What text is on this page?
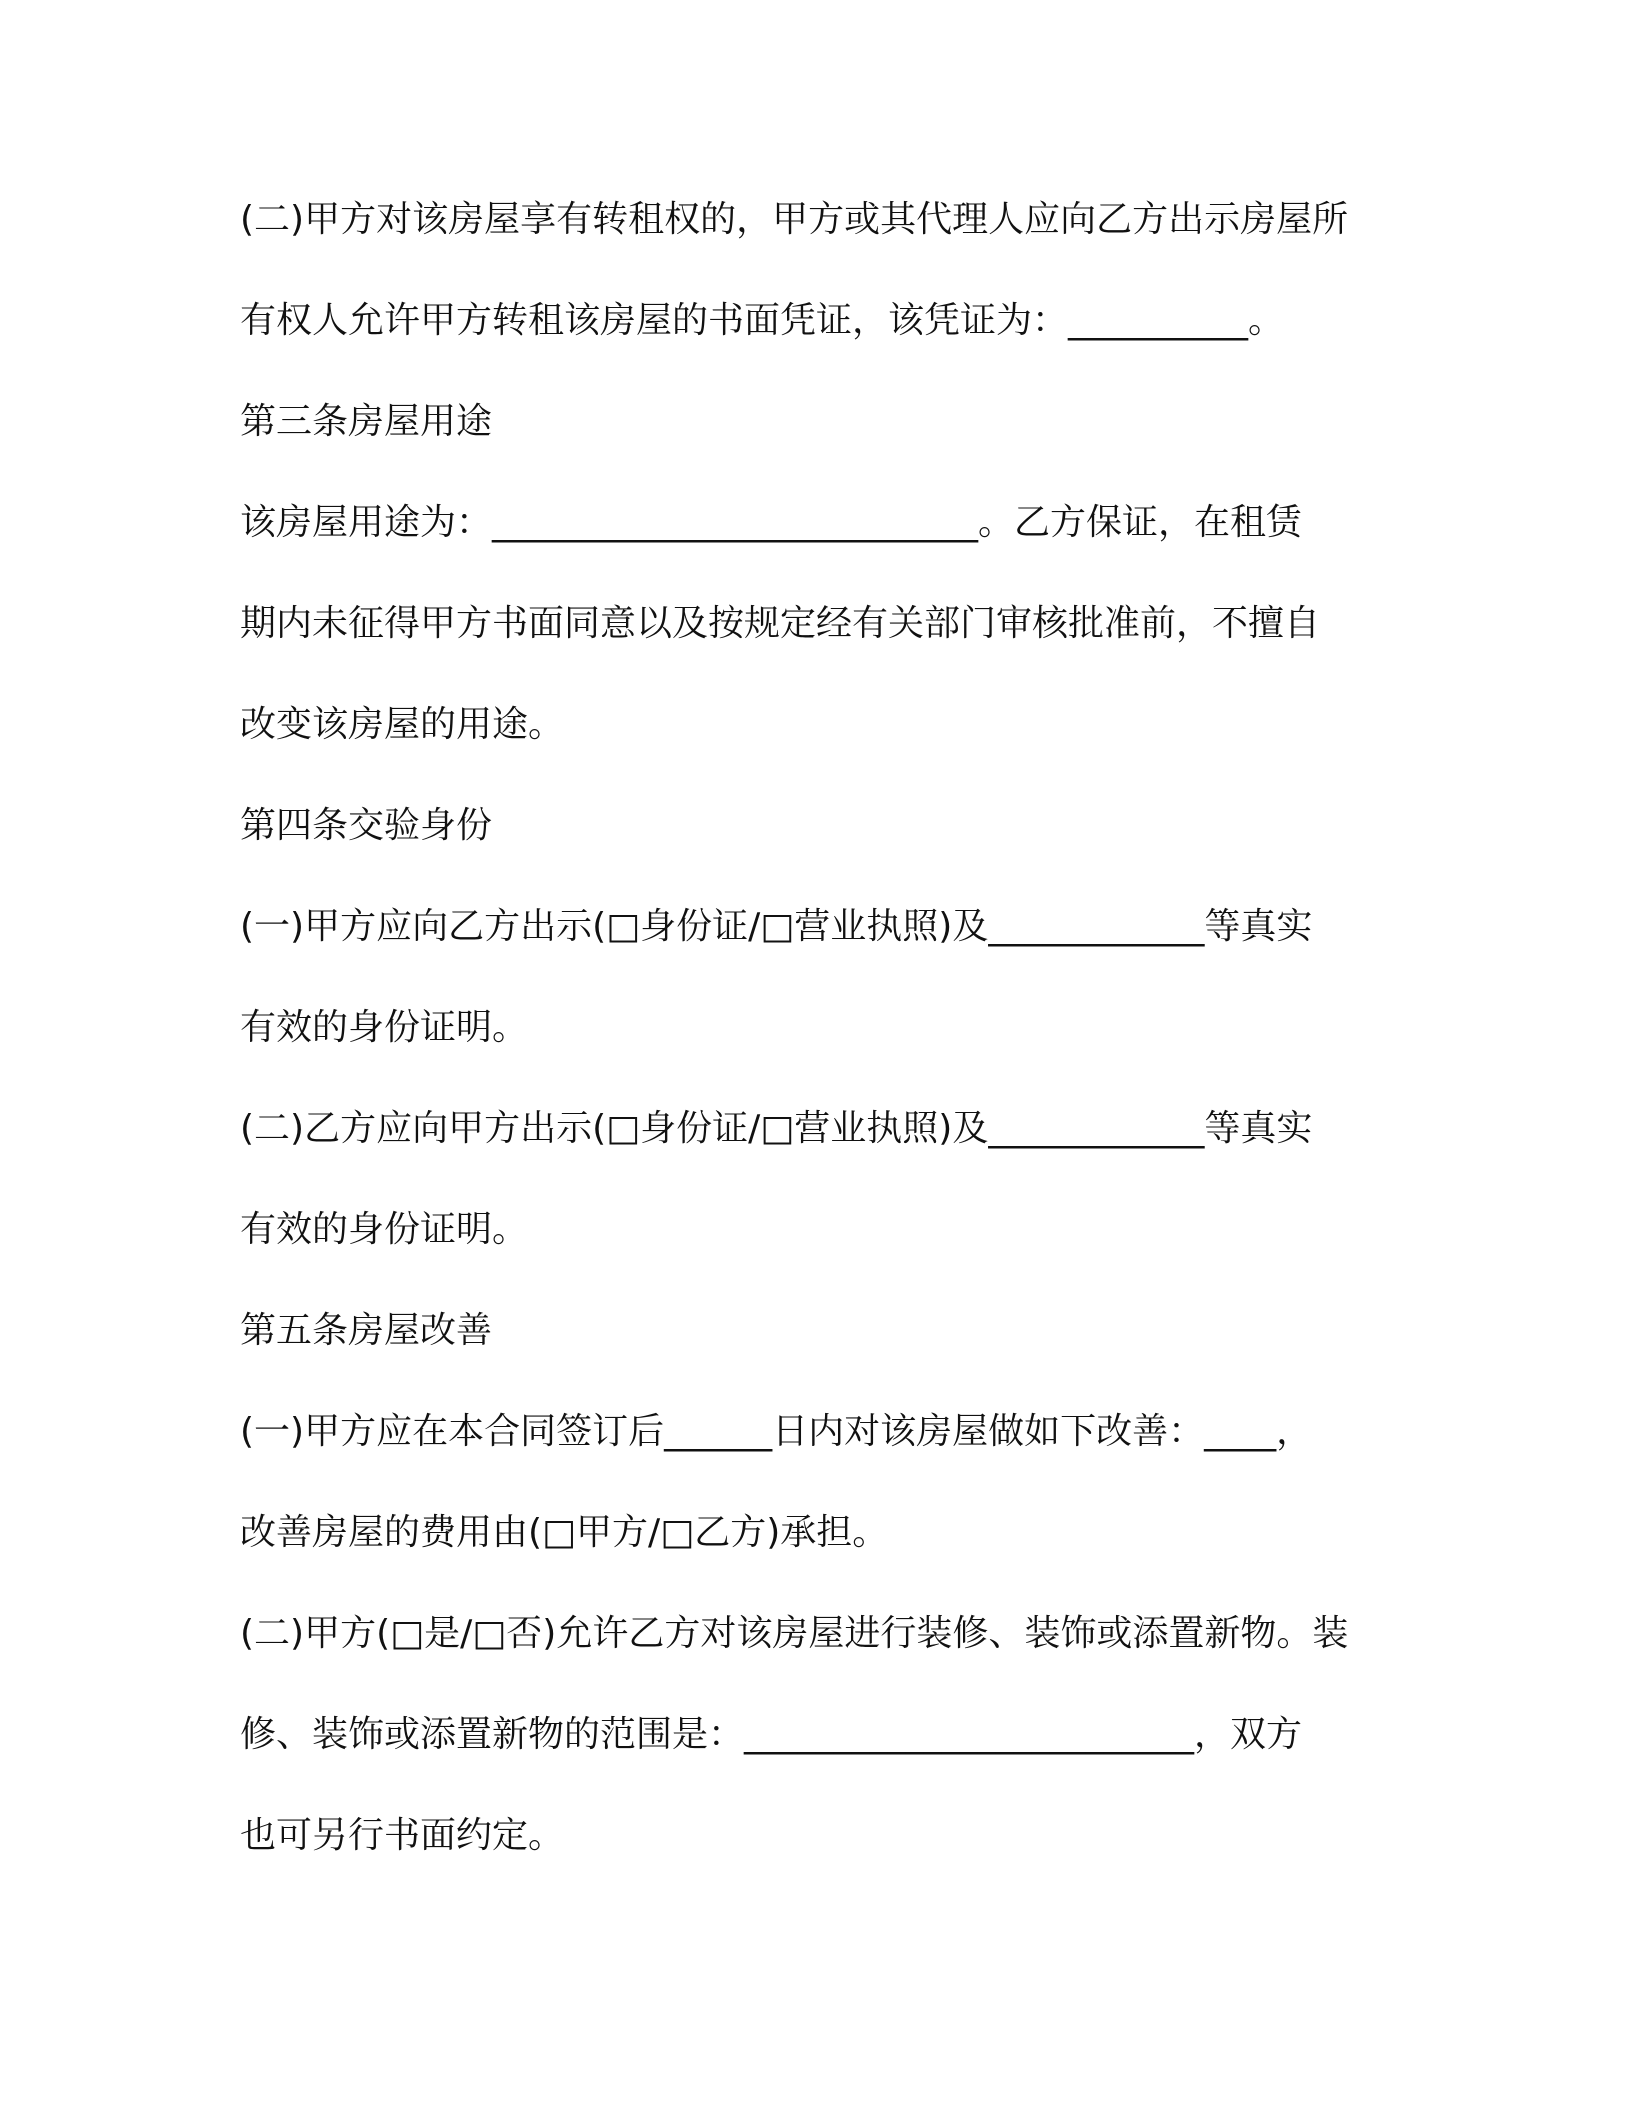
(二)甲方对该房屋享有转租权的，甲方或其代理人应向乙方出示房屋所
有权人允许甲方转租该房屋的书面凭证，该凭证为：__________。
第三条房屋用途
该房屋用途为：___________________________。乙方保证，在租赁
期内未征得甲方书面同意以及按规定经有关部门审核批准前，不擅自
改变该房屋的用途。
第四条交验身份
(一)甲方应向乙方出示(□身份证/□营业执照)及____________等真实
有效的身份证明。
(二)乙方应向甲方出示(□身份证/□营业执照)及____________等真实
有效的身份证明。
第五条房屋改善
(一)甲方应在本合同签订后______日内对该房屋做如下改善：____，
改善房屋的费用由(□甲方/□乙方)承担。
(二)甲方(□是/□否)允许乙方对该房屋进行装修、装饰或添置新物。装
修、装饰或添置新物的范围是：_________________________，双方
也可另行书面约定。
